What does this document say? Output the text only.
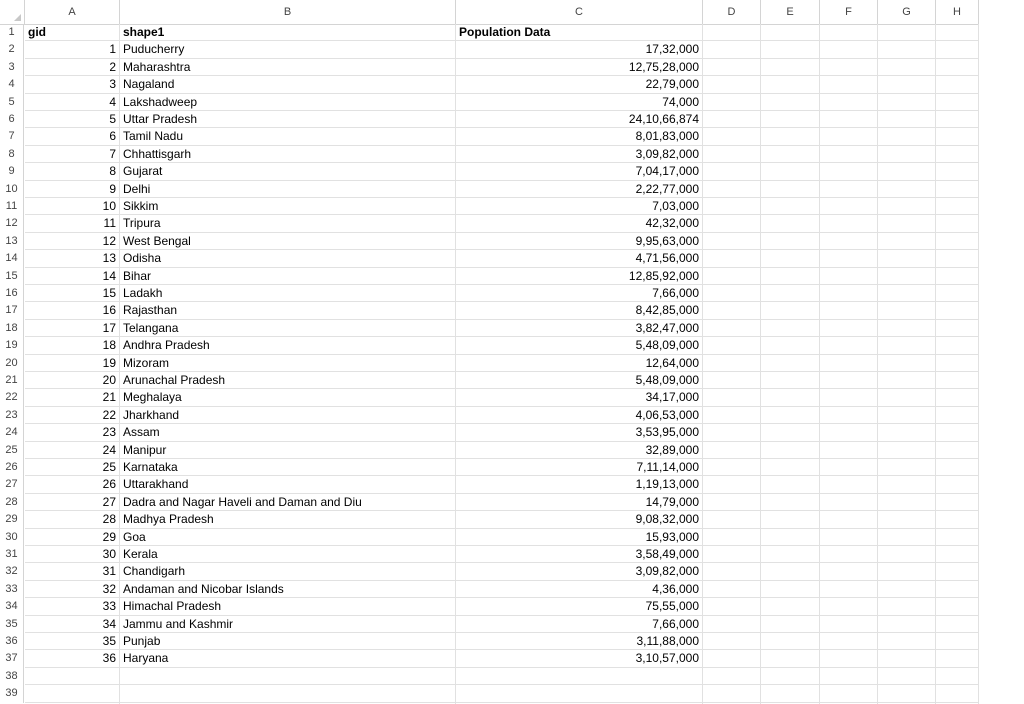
A	B	C	D	E	F	G	H
1
2
3
4
5
6
7
8
9
10
11
12
13
14
15
16
17
18
19
20
21
22
23
24
25
26
27
28
29
30
31
32
33
34
35
36
37
38
39
gid	shape1	Population Data
1 Puducherry	17,32,000
2 Maharashtra	12,75,28,000
3 Nagaland	22,79,000
4 Lakshadweep	74,000
5 Uttar Pradesh	24,10,66,874
6 Tamil Nadu	8,01,83,000
7 Chhattisgarh	3,09,82,000
8 Gujarat	7,04,17,000
9 Delhi	2,22,77,000
10 Sikkim	7,03,000
11 Tripura	42,32,000
12 West Bengal	9,95,63,000
13 Odisha	4,71,56,000
14 Bihar	12,85,92,000
15 Ladakh	7,66,000
16 Rajasthan	8,42,85,000
17 Telangana	3,82,47,000
18 Andhra Pradesh	5,48,09,000
19 Mizoram	12,64,000
20 Arunachal Pradesh	5,48,09,000
21 Meghalaya	34,17,000
22 Jharkhand	4,06,53,000
23 Assam	3,53,95,000
24 Manipur	32,89,000
25 Karnataka	7,11,14,000
26 Uttarakhand	1,19,13,000
27 Dadra and Nagar Haveli and Daman and Diu	14,79,000
28 Madhya Pradesh	9,08,32,000
29 Goa	15,93,000
30 Kerala	3,58,49,000
31 Chandigarh	3,09,82,000
32 Andaman and Nicobar Islands	4,36,000
33 Himachal Pradesh	75,55,000
34 Jammu and Kashmir	7,66,000
35 Punjab	3,11,88,000
36 Haryana	3,10,57,000
